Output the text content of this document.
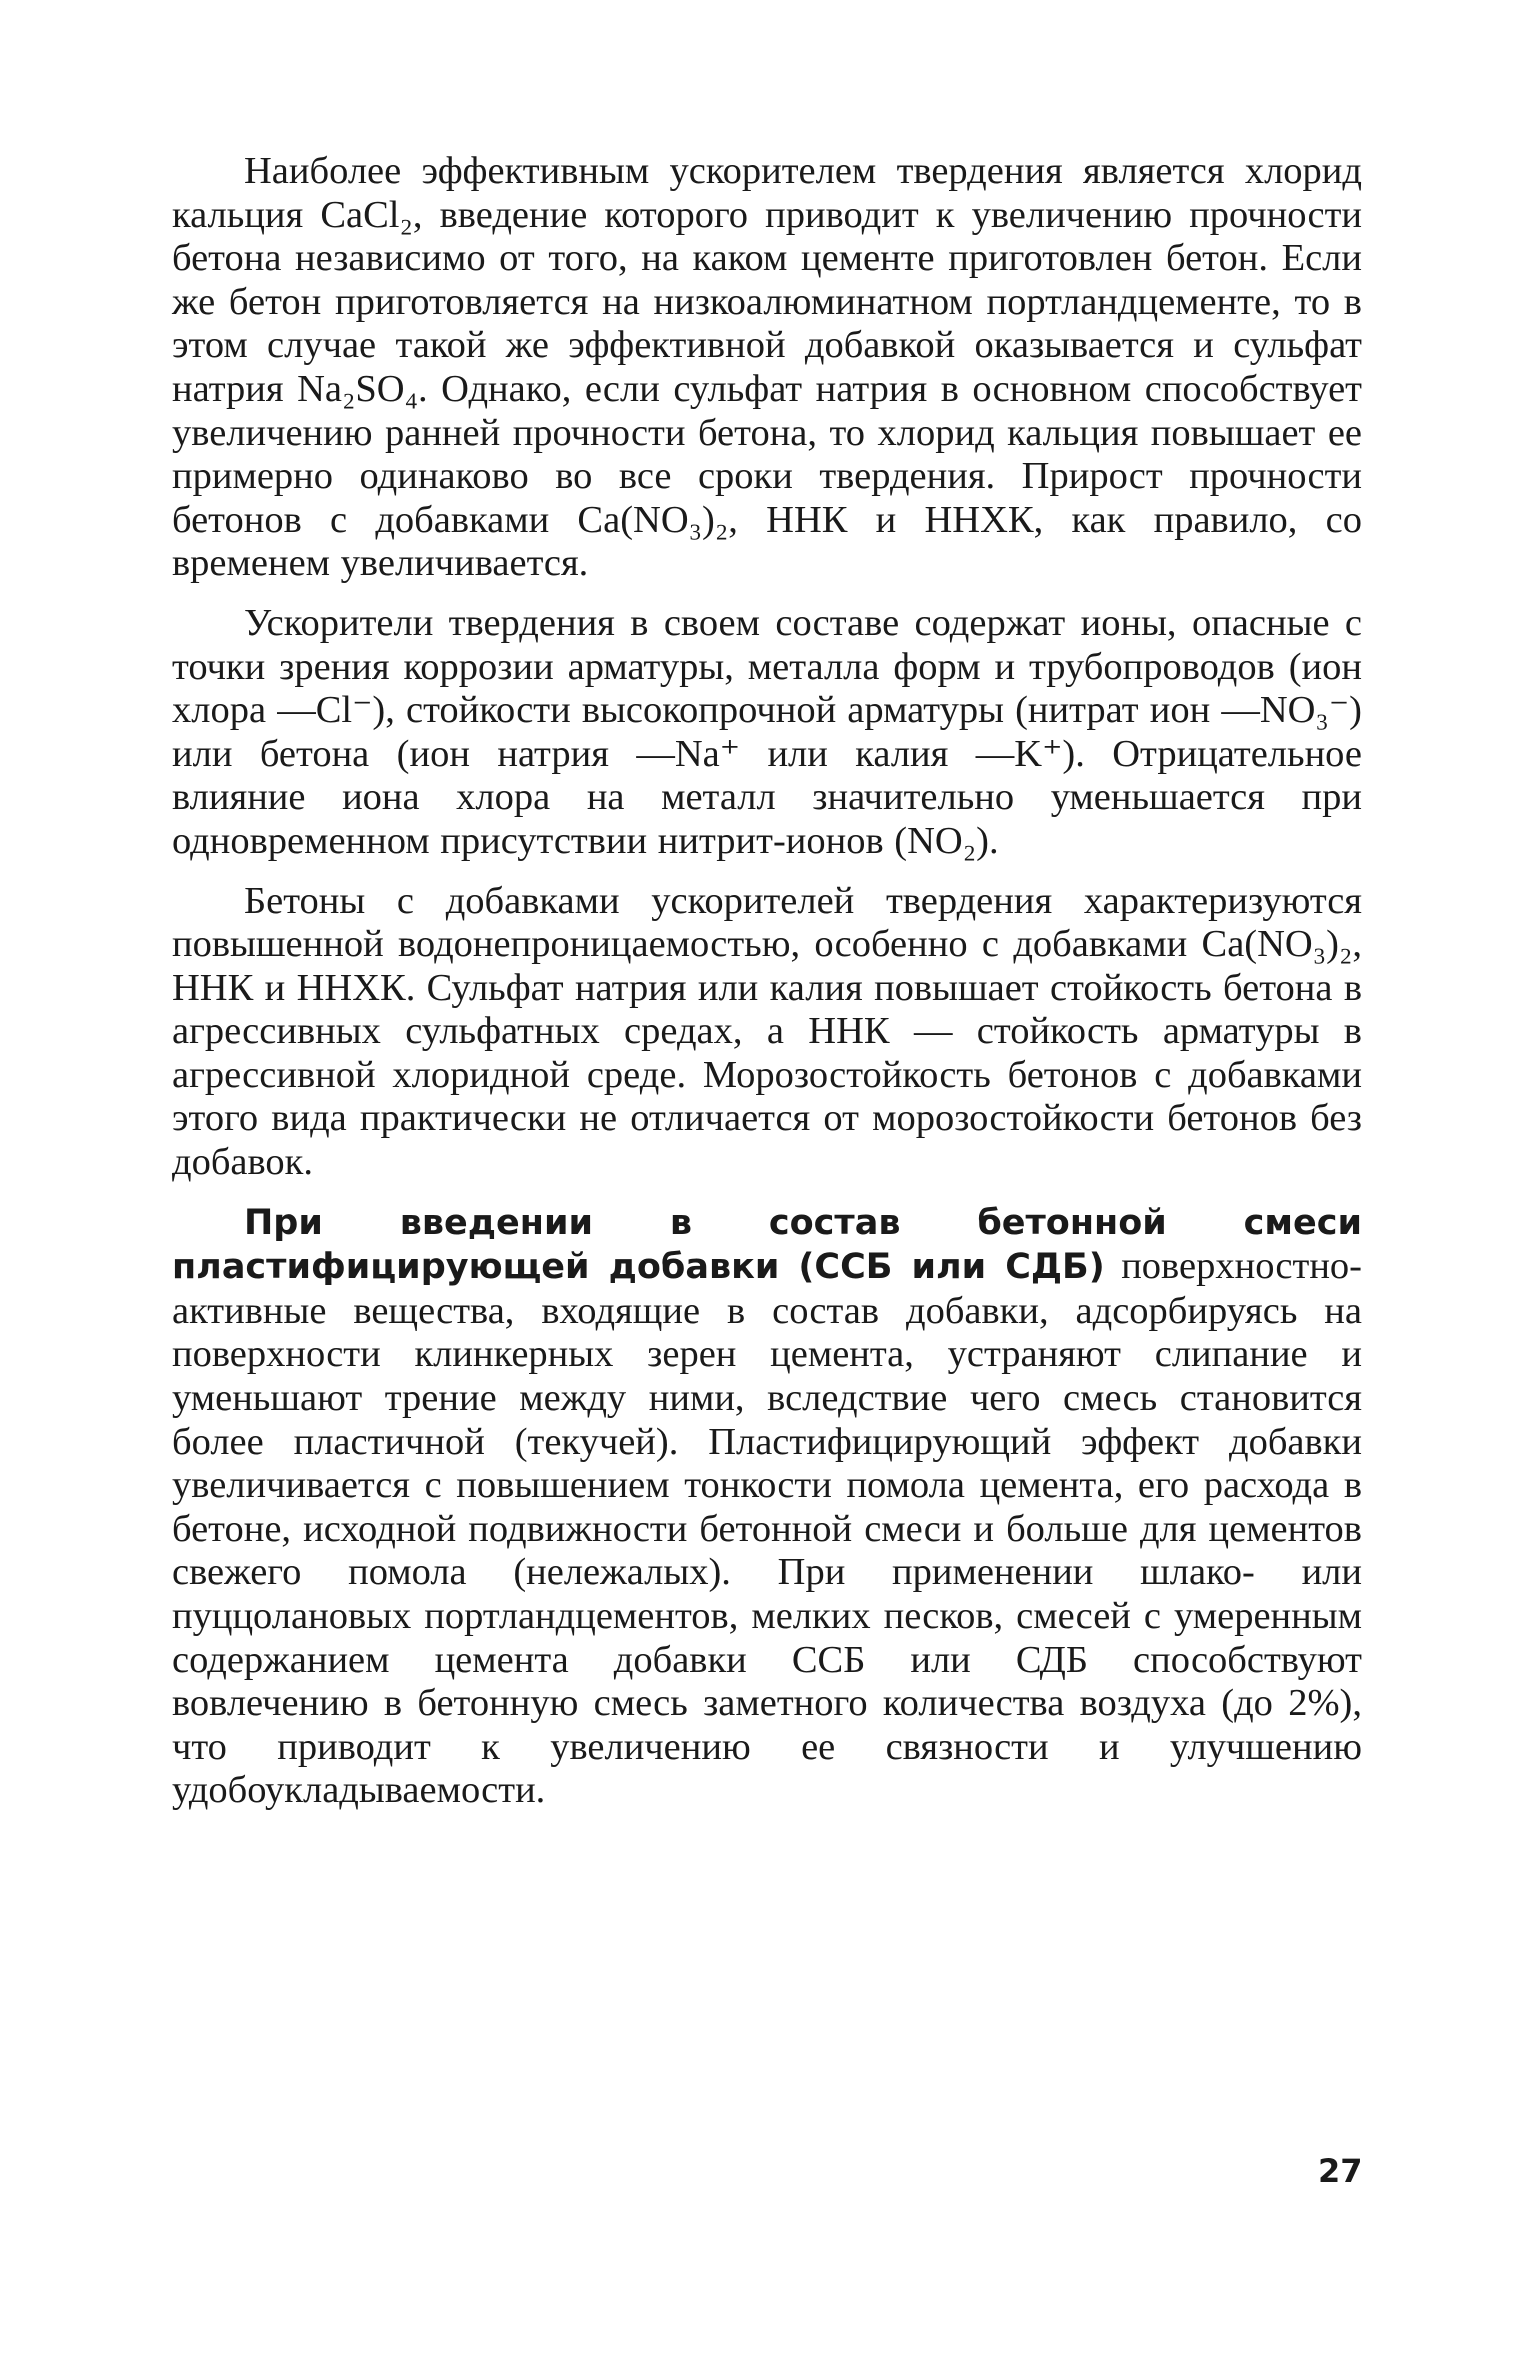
Наиболее эффективным ускорителем твердения является хлорид кальция CaCl₂, введение которого приводит к увеличению прочности бетона независимо от того, на каком цементе приготовлен бетон. Если же бетон приготовляется на низкоалюминатном портландцементе, то в этом случае такой же эффективной добавкой оказывается и сульфат натрия Na₂SO₄. Однако, если сульфат натрия в основном способствует увеличению ранней прочности бетона, то хлорид кальция повышает ее примерно одинаково во все сроки твердения. Прирост прочности бетонов с добавками Ca(NO₃)₂, ННК и ННХК, как правило, со временем увеличивается.

Ускорители твердения в своем составе содержат ионы, опасные с точки зрения коррозии арматуры, металла форм и трубопроводов (ион хлора —Cl⁻), стойкости высокопрочной арматуры (нитрат ион —NO₃⁻) или бетона (ион натрия —Na⁺ или калия —K⁺). Отрицательное влияние иона хлора на металл значительно уменьшается при одновременном присутствии нитрит-ионов (NO₂).

Бетоны с добавками ускорителей твердения характеризуются повышенной водонепроницаемостью, особенно с добавками Ca(NO₃)₂, ННК и ННХК. Сульфат натрия или калия повышает стойкость бетона в агрессивных сульфатных средах, а ННК — стойкость арматуры в агрессивной хлоридной среде. Морозостойкость бетонов с добавками этого вида практически не отличается от морозостойкости бетонов без добавок.

При введении в состав бетонной смеси пластифицирующей добавки (ССБ или СДБ) поверхностно-активные вещества, входящие в состав добавки, адсорбируясь на поверхности клинкерных зерен цемента, устраняют слипание и уменьшают трение между ними, вследствие чего смесь становится более пластичной (текучей). Пластифицирующий эффект добавки увеличивается с повышением тонкости помола цемента, его расхода в бетоне, исходной подвижности бетонной смеси и больше для цементов свежего помола (нележалых). При применении шлако- или пуццолановых портландцементов, мелких песков, смесей с умеренным содержанием цемента добавки ССБ или СДБ способствуют вовлечению в бетонную смесь заметного количества воздуха (до 2%), что приводит к увеличению ее связности и улучшению удобоукладываемости.

27
